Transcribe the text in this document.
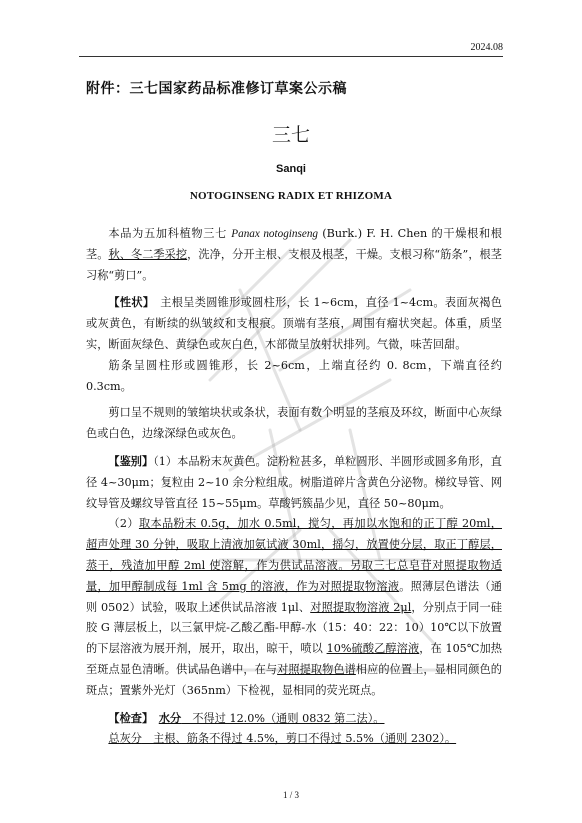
2024.08
附件：三七国家药品标准修订草案公示稿
三七
Sanqi
NOTOGINSENG RADIX ET RHIZOMA

本品为五加科植物三七 Panax notoginseng (Burk.) F. H. Chen 的干燥根和根茎。秋、冬二季采挖，洗净，分开主根、支根及根茎，干燥。支根习称“筋条”，根茎习称“剪口”。

【性状】　主根呈类圆锥形或圆柱形，长 1~6cm，直径 1~4cm。表面灰褐色或灰黄色，有断续的纵皱纹和支根痕。顶端有茎痕，周围有瘤状突起。体重，质坚实，断面灰绿色、黄绿色或灰白色，木部微呈放射状排列。气微，味苦回甜。

筋条呈圆柱形或圆锥形，长 2~6cm，上端直径约 0. 8cm，下端直径约 0.3cm。

剪口呈不规则的皱缩块状或条状，表面有数个明显的茎痕及环纹，断面中心灰绿色或白色，边缘深绿色或灰色。

【鉴别】（1）本品粉末灰黄色。淀粉粒甚多，单粒圆形、半圆形或圆多角形，直径 4~30μm；复粒由 2~10 余分粒组成。树脂道碎片含黄色分泌物。梯纹导管、网纹导管及螺纹导管直径 15~55μm。草酸钙簇晶少见，直径 50~80μm。

（2）取本品粉末 0.5g，加水 0.5ml，搅匀，再加以水饱和的正丁醇 20ml，超声处理 30 分钟，吸取上清液加氨试液 30ml，摇匀，放置使分层，取正丁醇层，蒸干，残渣加甲醇 2ml 使溶解，作为供试品溶液。另取三七总皂苷对照提取物适量，加甲醇制成每 1ml 含 5mg 的溶液，作为对照提取物溶液。照薄层色谱法（通则 0502）试验，吸取上述供试品溶液 1μl、对照提取物溶液 2μl，分别点于同一硅胶 G 薄层板上，以三氯甲烷-乙酸乙酯-甲醇-水（15：40：22：10）10℃以下放置的下层溶液为展开剂，展开，取出，晾干，喷以 10%硫酸乙醇溶液，在 105℃加热至斑点显色清晰。供试品色谱中，在与对照提取物色谱相应的位置上，显相同颜色的斑点；置紫外光灯（365nm）下检视，显相同的荧光斑点。

【检查】　 水分　不得过 12.0%（通则 0832 第二法）。

总灰分　主根、筋条不得过 4.5%，剪口不得过 5.5%（通则 2302）。

1 / 3
